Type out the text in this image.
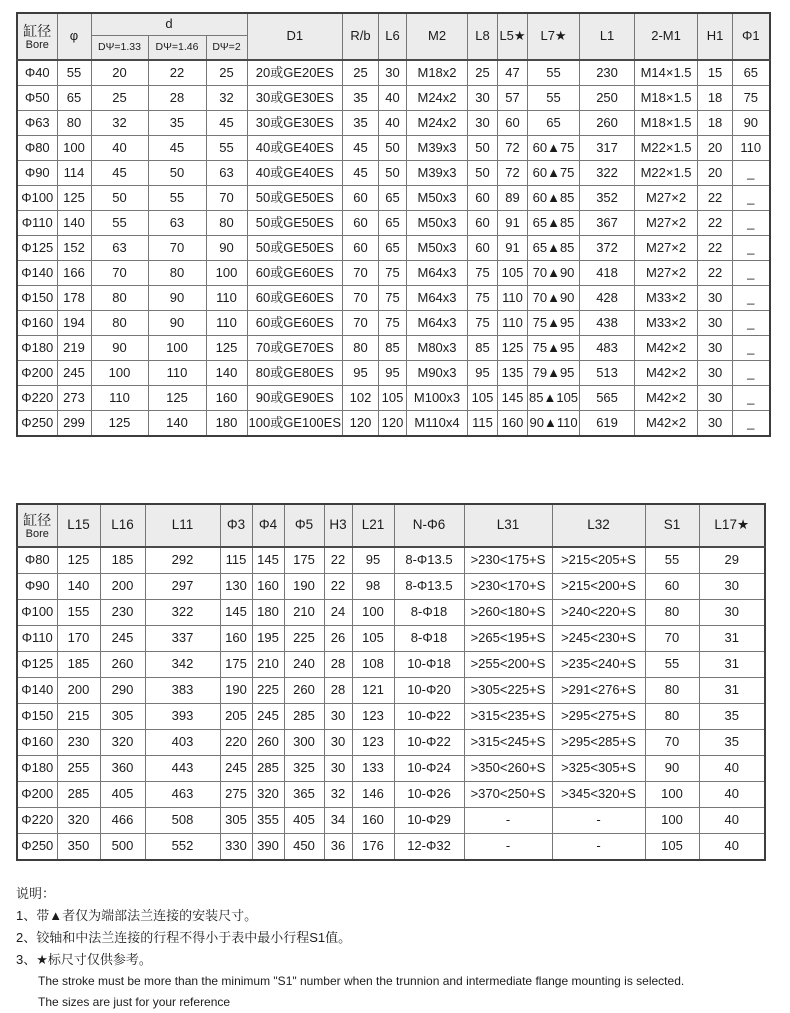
缸径
Bore	φ	d			D1	R/b	L6	M2	L8	L5★	L7★	L1	2-M1	H1	Φ1
		DΨ=1.33	DΨ=1.46	DΨ=2											
Φ40	55	20	22	25	20或GE20ES	25	30	M18x2	25	47	55	230	M14×1.5	15	65
Φ50	65	25	28	32	30或GE30ES	35	40	M24x2	30	57	55	250	M18×1.5	18	75
Φ63	80	32	35	45	30或GE30ES	35	40	M24x2	30	60	65	260	M18×1.5	18	90
Φ80	100	40	45	55	40或GE40ES	45	50	M39x3	50	72	60▲75	317	M22×1.5	20	110
Φ90	114	45	50	63	40或GE40ES	45	50	M39x3	50	72	60▲75	322	M22×1.5	20	_
Φ100	125	50	55	70	50或GE50ES	60	65	M50x3	60	89	60▲85	352	M27×2	22	_
Φ110	140	55	63	80	50或GE50ES	60	65	M50x3	60	91	65▲85	367	M27×2	22	_
Φ125	152	63	70	90	50或GE50ES	60	65	M50x3	60	91	65▲85	372	M27×2	22	_
Φ140	166	70	80	100	60或GE60ES	70	75	M64x3	75	105	70▲90	418	M27×2	22	_
Φ150	178	80	90	110	60或GE60ES	70	75	M64x3	75	110	70▲90	428	M33×2	30	_
Φ160	194	80	90	110	60或GE60ES	70	75	M64x3	75	110	75▲95	438	M33×2	30	_
Φ180	219	90	100	125	70或GE70ES	80	85	M80x3	85	125	75▲95	483	M42×2	30	_
Φ200	245	100	110	140	80或GE80ES	95	95	M90x3	95	135	79▲95	513	M42×2	30	_
Φ220	273	110	125	160	90或GE90ES	102	105	M100x3	105	145	85▲105	565	M42×2	30	_
Φ250	299	125	140	180	100或GE100ES	120	120	M110x4	115	160	90▲110	619	M42×2	30	_
缸径
Bore	L15	L16	L11	Φ3	Φ4	Φ5	H3	L21	N-Φ6	L31	L32	S1	L17★
Φ80	125	185	292	115	145	175	22	95	8-Φ13.5	>230<175+S	>215<205+S	55	29
Φ90	140	200	297	130	160	190	22	98	8-Φ13.5	>230<170+S	>215<200+S	60	30
Φ100	155	230	322	145	180	210	24	100	8-Φ18	>260<180+S	>240<220+S	80	30
Φ110	170	245	337	160	195	225	26	105	8-Φ18	>265<195+S	>245<230+S	70	31
Φ125	185	260	342	175	210	240	28	108	10-Φ18	>255<200+S	>235<240+S	55	31
Φ140	200	290	383	190	225	260	28	121	10-Φ20	>305<225+S	>291<276+S	80	31
Φ150	215	305	393	205	245	285	30	123	10-Φ22	>315<235+S	>295<275+S	80	35
Φ160	230	320	403	220	260	300	30	123	10-Φ22	>315<245+S	>295<285+S	70	35
Φ180	255	360	443	245	285	325	30	133	10-Φ24	>350<260+S	>325<305+S	90	40
Φ200	285	405	463	275	320	365	32	146	10-Φ26	>370<250+S	>345<320+S	100	40
Φ220	320	466	508	305	355	405	34	160	10-Φ29	-	-	100	40
Φ250	350	500	552	330	390	450	36	176	12-Φ32	-	-	105	40
说明：
1、带▲者仅为端部法兰连接的安装尺寸。
2、铰轴和中法兰连接的行程不得小于表中最小行程S1值。
3、★标尺寸仅供参考。
The stroke must be more than the minimum "S1" number when the trunnion and intermediate flange mounting is selected.
The sizes are just for your reference
